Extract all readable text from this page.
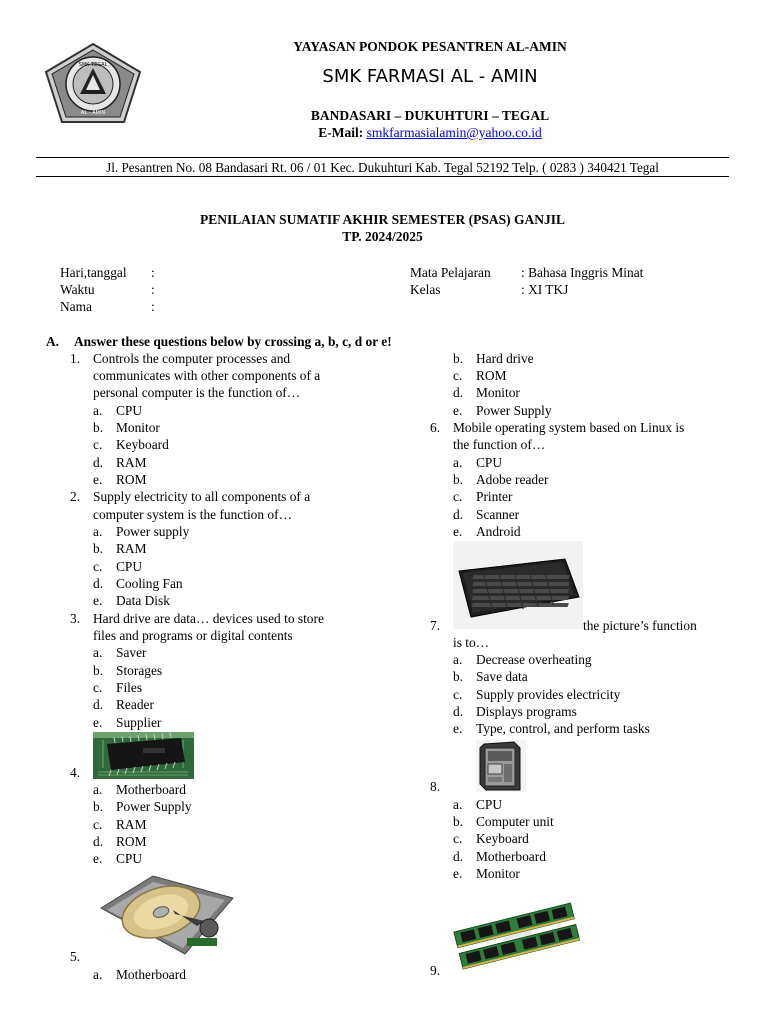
SMK TEGAL
AL - AMIN
YAYASAN PONDOK PESANTREN AL-AMIN
SMK FARMASI AL - AMIN
BANDASARI – DUKUHTURI – TEGAL
E-Mail: smkfarmasialamin@yahoo.co.id
Jl. Pesantren No. 08 Bandasari Rt. 06 / 01 Kec. Dukuhturi Kab. Tegal 52192 Telp. ( 0283 ) 340421 Tegal
PENILAIAN SUMATIF AKHIR SEMESTER (PSAS) GANJIL
TP. 2024/2025
Hari,tanggal :
Waktu	:
Nama	:
Mata Pelajaran : Bahasa Inggris Minat
Kelas	: XI TKJ
A. Answer these questions below by crossing a, b, c, d or e!
1. Controls the computer processes and
communicates with other components of a
personal computer is the function of…
a. CPU
b. Monitor
c. Keyboard
d. RAM
e. ROM
2. Supply electricity to all components of a
computer system is the function of…
a. Power supply
b. RAM
c. CPU
d. Cooling Fan
e. Data Disk
3. Hard drive are data… devices used to store
files and programs or digital contents
a. Saver
b. Storages
c. Files
d. Reader
e. Supplier
4.
a. Motherboard
b. Power Supply
c. RAM
d. ROM
e. CPU
5.
a. Motherboard
b. Hard drive
c. ROM
d. Monitor
e. Power Supply
6. Mobile operating system based on Linux is
the function of…
a. CPU
b. Adobe reader
c. Printer
d. Scanner
e. Android
7.	the picture’s function
is to…
a. Decrease overheating
b. Save data
c. Supply provides electricity
d. Displays programs
e. Type, control, and perform tasks
8.
a. CPU
b. Computer unit
c. Keyboard
d. Motherboard
e. Monitor
9.
